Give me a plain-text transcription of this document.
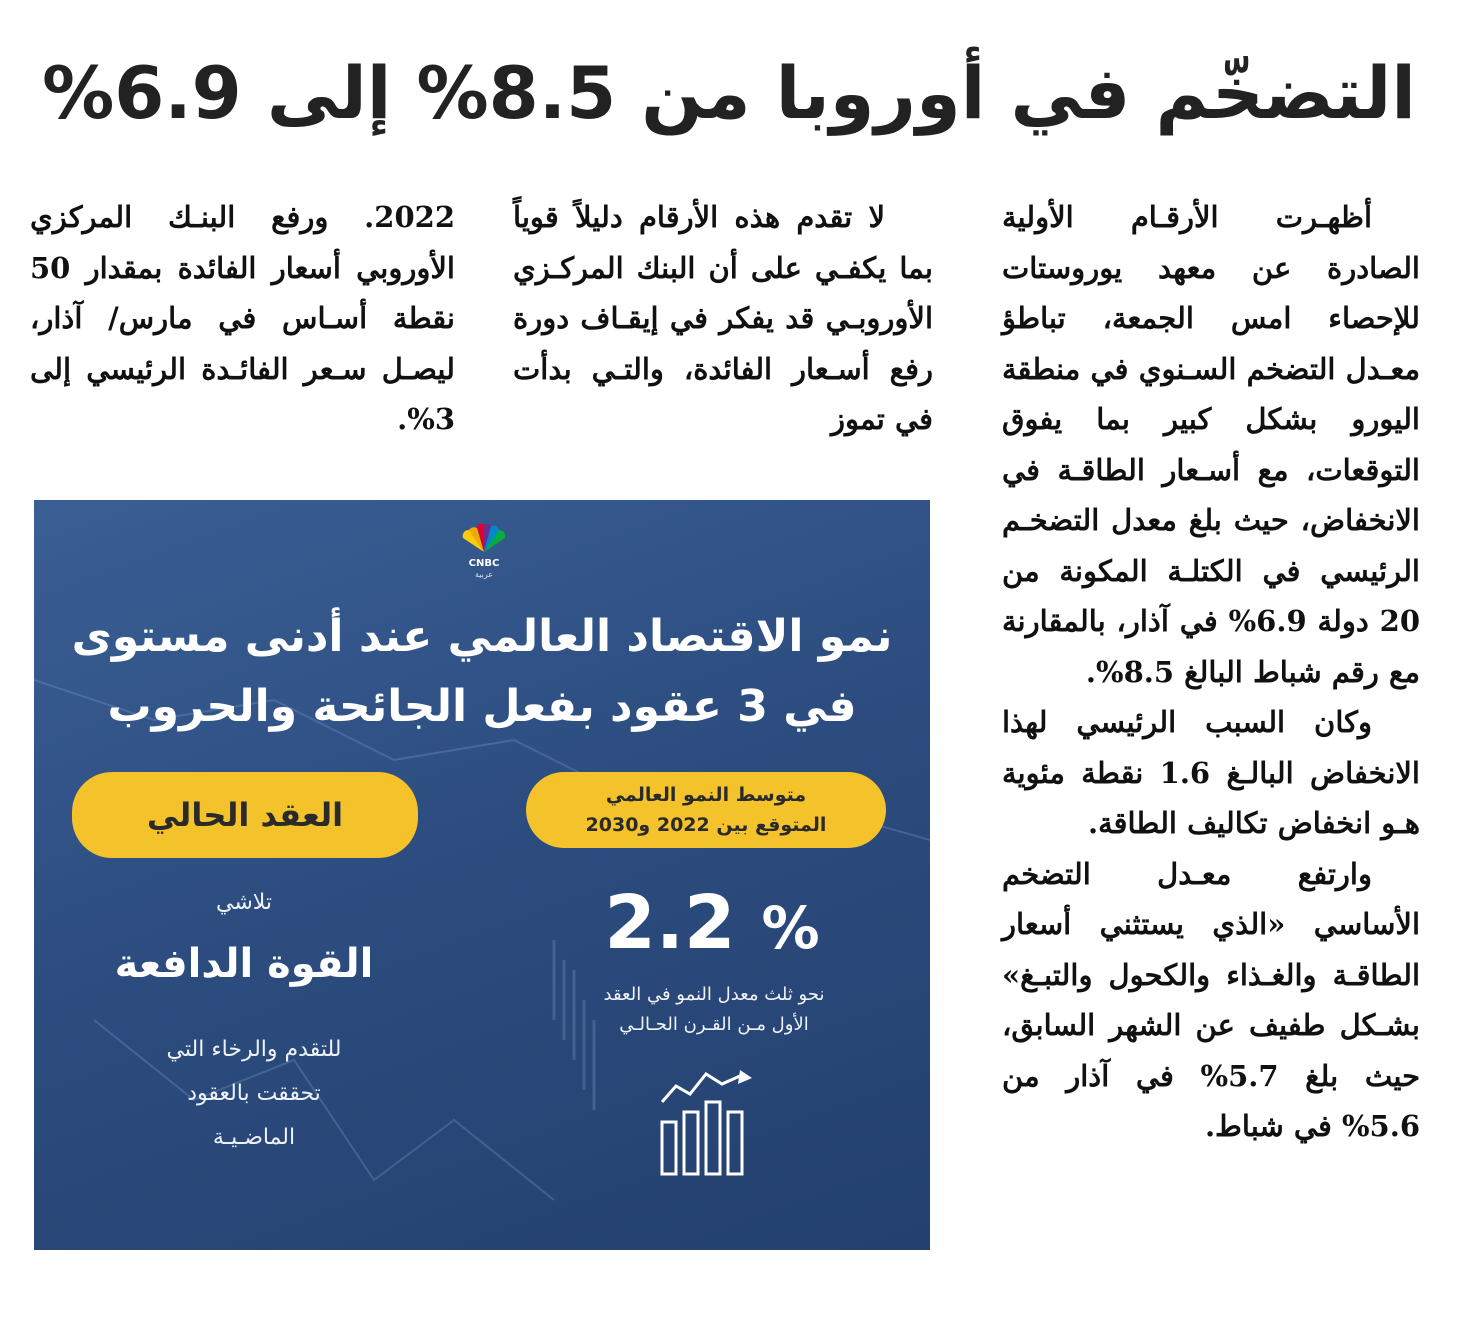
التضخّم في أوروبا من 8.5% إلى 6.9%

أظهـرت الأرقـام الأولية الصادرة عن معهد يوروستات للإحصاء امس الجمعة، تباطؤ معـدل التضخم السـنوي في منطقة اليورو بشكل كبير بما يفوق التوقعات، مع أسـعار الطاقـة في الانخفاض، حيث بلغ معدل التضخـم الرئيسي في الكتلـة المكونة من 20 دولة 6.9% في آذار، بالمقارنة مع رقم شباط البالغ 8.5%.

وكان السبب الرئيسي لهذا الانخفاض البالـغ 1.6 نقطة مئوية هـو انخفاض تكاليف الطاقة.

وارتفع معـدل التضخم الأساسي «الذي يستثني أسعار الطاقـة والغـذاء والكحول والتبـغ» بشـكل طفيف عن الشهر السابق، حيث بلغ 5.7% في آذار من 5.6% في شباط.

لا تقدم هذه الأرقام دليلاً قوياً بما يكفـي على أن البنك المركـزي الأوروبـي قد يفكر في إيقـاف دورة رفع أسـعار الفائدة، والتـي بدأت في تموز

2022. ورفع البنـك المركزي الأوروبي أسعار الفائدة بمقدار 50 نقطة أسـاس في مارس/ آذار، ليصـل سـعر الفائـدة الرئيسي إلى 3%.

CNBC
عربية
نمو الاقتصاد العالمي عند أدنى مستوى في 3 عقود بفعل الجائحة والحروب
متوسط النمو العالمي
المتوقع بين 2022 و2030
العقد الحالي
2.2 %
نحو ثلث معدل النمو في العقد
الأول مـن القـرن الحـالـي
تلاشي
القوة الدافعة
للتقدم والرخاء التي
تحققت بالعقود
الماضـيـة
